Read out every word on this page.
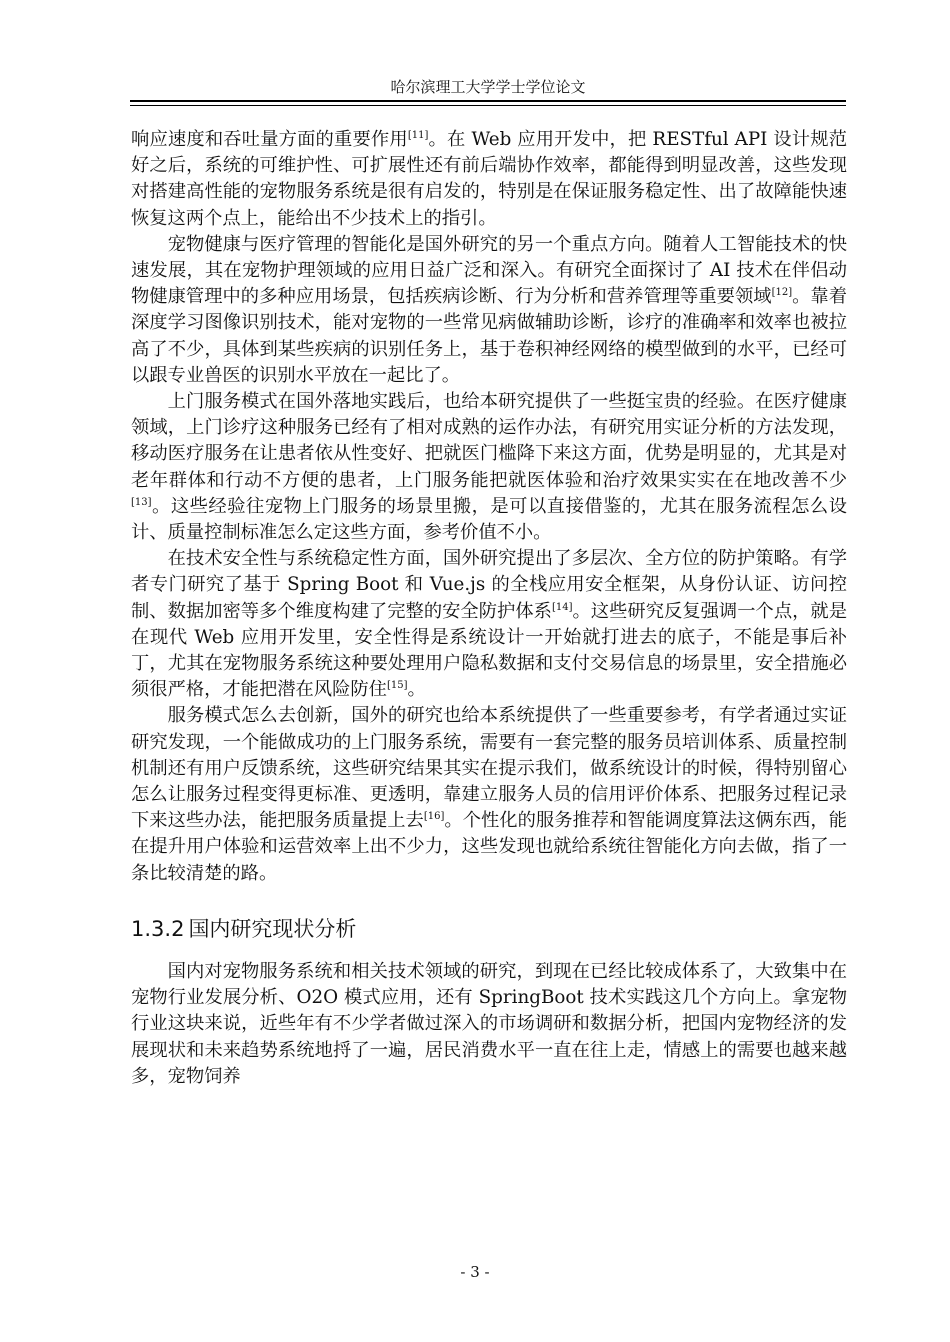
哈尔滨理工大学学士学位论文

响应速度和吞吐量方面的重要作用[11]。在 Web 应用开发中，把 RESTful API 设计规范好之后，系统的可维护性、可扩展性还有前后端协作效率，都能得到明显改善，这些发现对搭建高性能的宠物服务系统是很有启发的，特别是在保证服务稳定性、出了故障能快速恢复这两个点上，能给出不少技术上的指引。

宠物健康与医疗管理的智能化是国外研究的另一个重点方向。随着人工智能技术的快速发展，其在宠物护理领域的应用日益广泛和深入。有研究全面探讨了 AI 技术在伴侣动物健康管理中的多种应用场景，包括疾病诊断、行为分析和营养管理等重要领域[12]。靠着深度学习图像识别技术，能对宠物的一些常见病做辅助诊断，诊疗的准确率和效率也被拉高了不少，具体到某些疾病的识别任务上，基于卷积神经网络的模型做到的水平，已经可以跟专业兽医的识别水平放在一起比了。

上门服务模式在国外落地实践后，也给本研究提供了一些挺宝贵的经验。在医疗健康领域，上门诊疗这种服务已经有了相对成熟的运作办法，有研究用实证分析的方法发现，移动医疗服务在让患者依从性变好、把就医门槛降下来这方面，优势是明显的，尤其是对老年群体和行动不方便的患者，上门服务能把就医体验和治疗效果实实在在地改善不少[13]。这些经验往宠物上门服务的场景里搬，是可以直接借鉴的，尤其在服务流程怎么设计、质量控制标准怎么定这些方面，参考价值不小。

在技术安全性与系统稳定性方面，国外研究提出了多层次、全方位的防护策略。有学者专门研究了基于 Spring Boot 和 Vue.js 的全栈应用安全框架，从身份认证、访问控制、数据加密等多个维度构建了完整的安全防护体系[14]。这些研究反复强调一个点，就是在现代 Web 应用开发里，安全性得是系统设计一开始就打进去的底子，不能是事后补丁，尤其在宠物服务系统这种要处理用户隐私数据和支付交易信息的场景里，安全措施必须很严格，才能把潜在风险防住[15]。

服务模式怎么去创新，国外的研究也给本系统提供了一些重要参考，有学者通过实证研究发现，一个能做成功的上门服务系统，需要有一套完整的服务员培训体系、质量控制机制还有用户反馈系统，这些研究结果其实在提示我们，做系统设计的时候，得特别留心怎么让服务过程变得更标准、更透明，靠建立服务人员的信用评价体系、把服务过程记录下来这些办法，能把服务质量提上去[16]。个性化的服务推荐和智能调度算法这俩东西，能在提升用户体验和运营效率上出不少力，这些发现也就给系统往智能化方向去做，指了一条比较清楚的路。

1.3.2 国内研究现状分析

国内对宠物服务系统和相关技术领域的研究，到现在已经比较成体系了，大致集中在宠物行业发展分析、O2O 模式应用，还有 SpringBoot 技术实践这几个方向上。拿宠物行业这块来说，近些年有不少学者做过深入的市场调研和数据分析，把国内宠物经济的发展现状和未来趋势系统地捋了一遍，居民消费水平一直在往上走，情感上的需要也越来越多，宠物饲养

- 3 -
